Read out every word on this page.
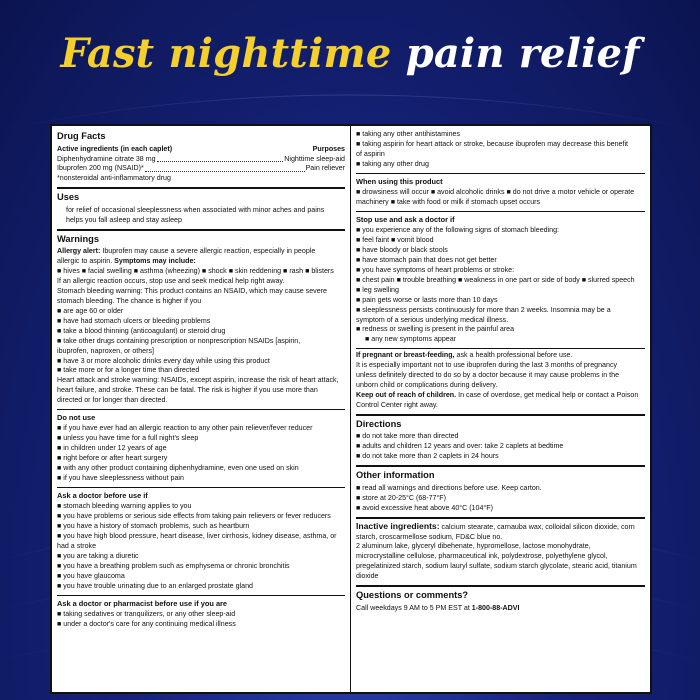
Fast nighttime pain relief
Drug Facts
Active ingredients (in each caplet)	Purposes
Diphenhydramine citrate 38 mg	Nighttime sleep-aid
Ibuprofen 200 mg (NSAID)*	Pain reliever

*nonsteroidal anti-inflammatory drug

Uses

for relief of occasional sleeplessness when associated with minor aches and pains

helps you fall asleep and stay asleep

Warnings

Allergy alert: Ibuprofen may cause a severe allergic reaction, especially in people

allergic to aspirin. Symptoms may include:

■ hives ■ facial swelling ■ asthma (wheezing) ■ shock ■ skin reddening ■ rash ■ blisters

If an allergic reaction occurs, stop use and seek medical help right away.

Stomach bleeding warning: This product contains an NSAID, which may cause severe

stomach bleeding. The chance is higher if you

■ are age 60 or older

■ have had stomach ulcers or bleeding problems

■ take a blood thinning (anticoagulant) or steroid drug

■ take other drugs containing prescription or nonprescription NSAIDs [aspirin,

ibuprofen, naproxen, or others]

■ have 3 or more alcoholic drinks every day while using this product

■ take more or for a longer time than directed

Heart attack and stroke warning: NSAIDs, except aspirin, increase the risk of heart attack,

heart failure, and stroke. These can be fatal. The risk is higher if you use more than

directed or for longer than directed.

Do not use

■ if you have ever had an allergic reaction to any other pain reliever/fever reducer

■ unless you have time for a full night's sleep

■ in children under 12 years of age

■ right before or after heart surgery

■ with any other product containing diphenhydramine, even one used on skin

■ if you have sleeplessness without pain

Ask a doctor before use if

■ stomach bleeding warning applies to you

■ you have problems or serious side effects from taking pain relievers or fever reducers

■ you have a history of stomach problems, such as heartburn

■ you have high blood pressure, heart disease, liver cirrhosis, kidney disease, asthma, or

had a stroke

■ you are taking a diuretic

■ you have a breathing problem such as emphysema or chronic bronchitis

■ you have glaucoma

■ you have trouble urinating due to an enlarged prostate gland

Ask a doctor or pharmacist before use if you are

■ taking sedatives or tranquilizers, or any other sleep-aid

■ under a doctor's care for any continuing medical illness

■ taking any other antihistamines

■ taking aspirin for heart attack or stroke, because ibuprofen may decrease this benefit

of aspirin

■ taking any other drug

When using this product

■ drowsiness will occur ■ avoid alcoholic drinks ■ do not drive a motor vehicle or operate

machinery ■ take with food or milk if stomach upset occurs

Stop use and ask a doctor if

■ you experience any of the following signs of stomach bleeding:

■ feel faint ■ vomit blood

■ have bloody or black stools

■ have stomach pain that does not get better

■ you have symptoms of heart problems or stroke:

■ chest pain ■ trouble breathing ■ weakness in one part or side of body ■ slurred speech

■ leg swelling

■ pain gets worse or lasts more than 10 days

■ sleeplessness persists continuously for more than 2 weeks. Insomnia may be a

symptom of a serious underlying medical illness.

■ redness or swelling is present in the painful area

■ any new symptoms appear

If pregnant or breast-feeding, ask a health professional before use.

It is especially important not to use ibuprofen during the last 3 months of pregnancy

unless definitely directed to do so by a doctor because it may cause problems in the

unborn child or complications during delivery.

Keep out of reach of children. In case of overdose, get medical help or contact a Poison

Control Center right away.

Directions

■ do not take more than directed

■ adults and children 12 years and over: take 2 caplets at bedtime

■ do not take more than 2 caplets in 24 hours

Other information

■ read all warnings and directions before use. Keep carton.

■ store at 20-25°C (68-77°F)

■ avoid excessive heat above 40°C (104°F)

Inactive ingredients: calcium stearate, carnauba wax, colloidal silicon dioxide, corn

starch, croscarmellose sodium, FD&C blue no.

2 aluminum lake, glyceryl dibehenate, hypromellose, lactose monohydrate,

microcrystalline cellulose, pharmaceutical ink, polydextrose, polyethylene glycol,

pregelatinized starch, sodium lauryl sulfate, sodium starch glycolate, stearic acid, titanium

dioxide

Questions or comments?

Call weekdays 9 AM to 5 PM EST at 1-800-88-ADVI
